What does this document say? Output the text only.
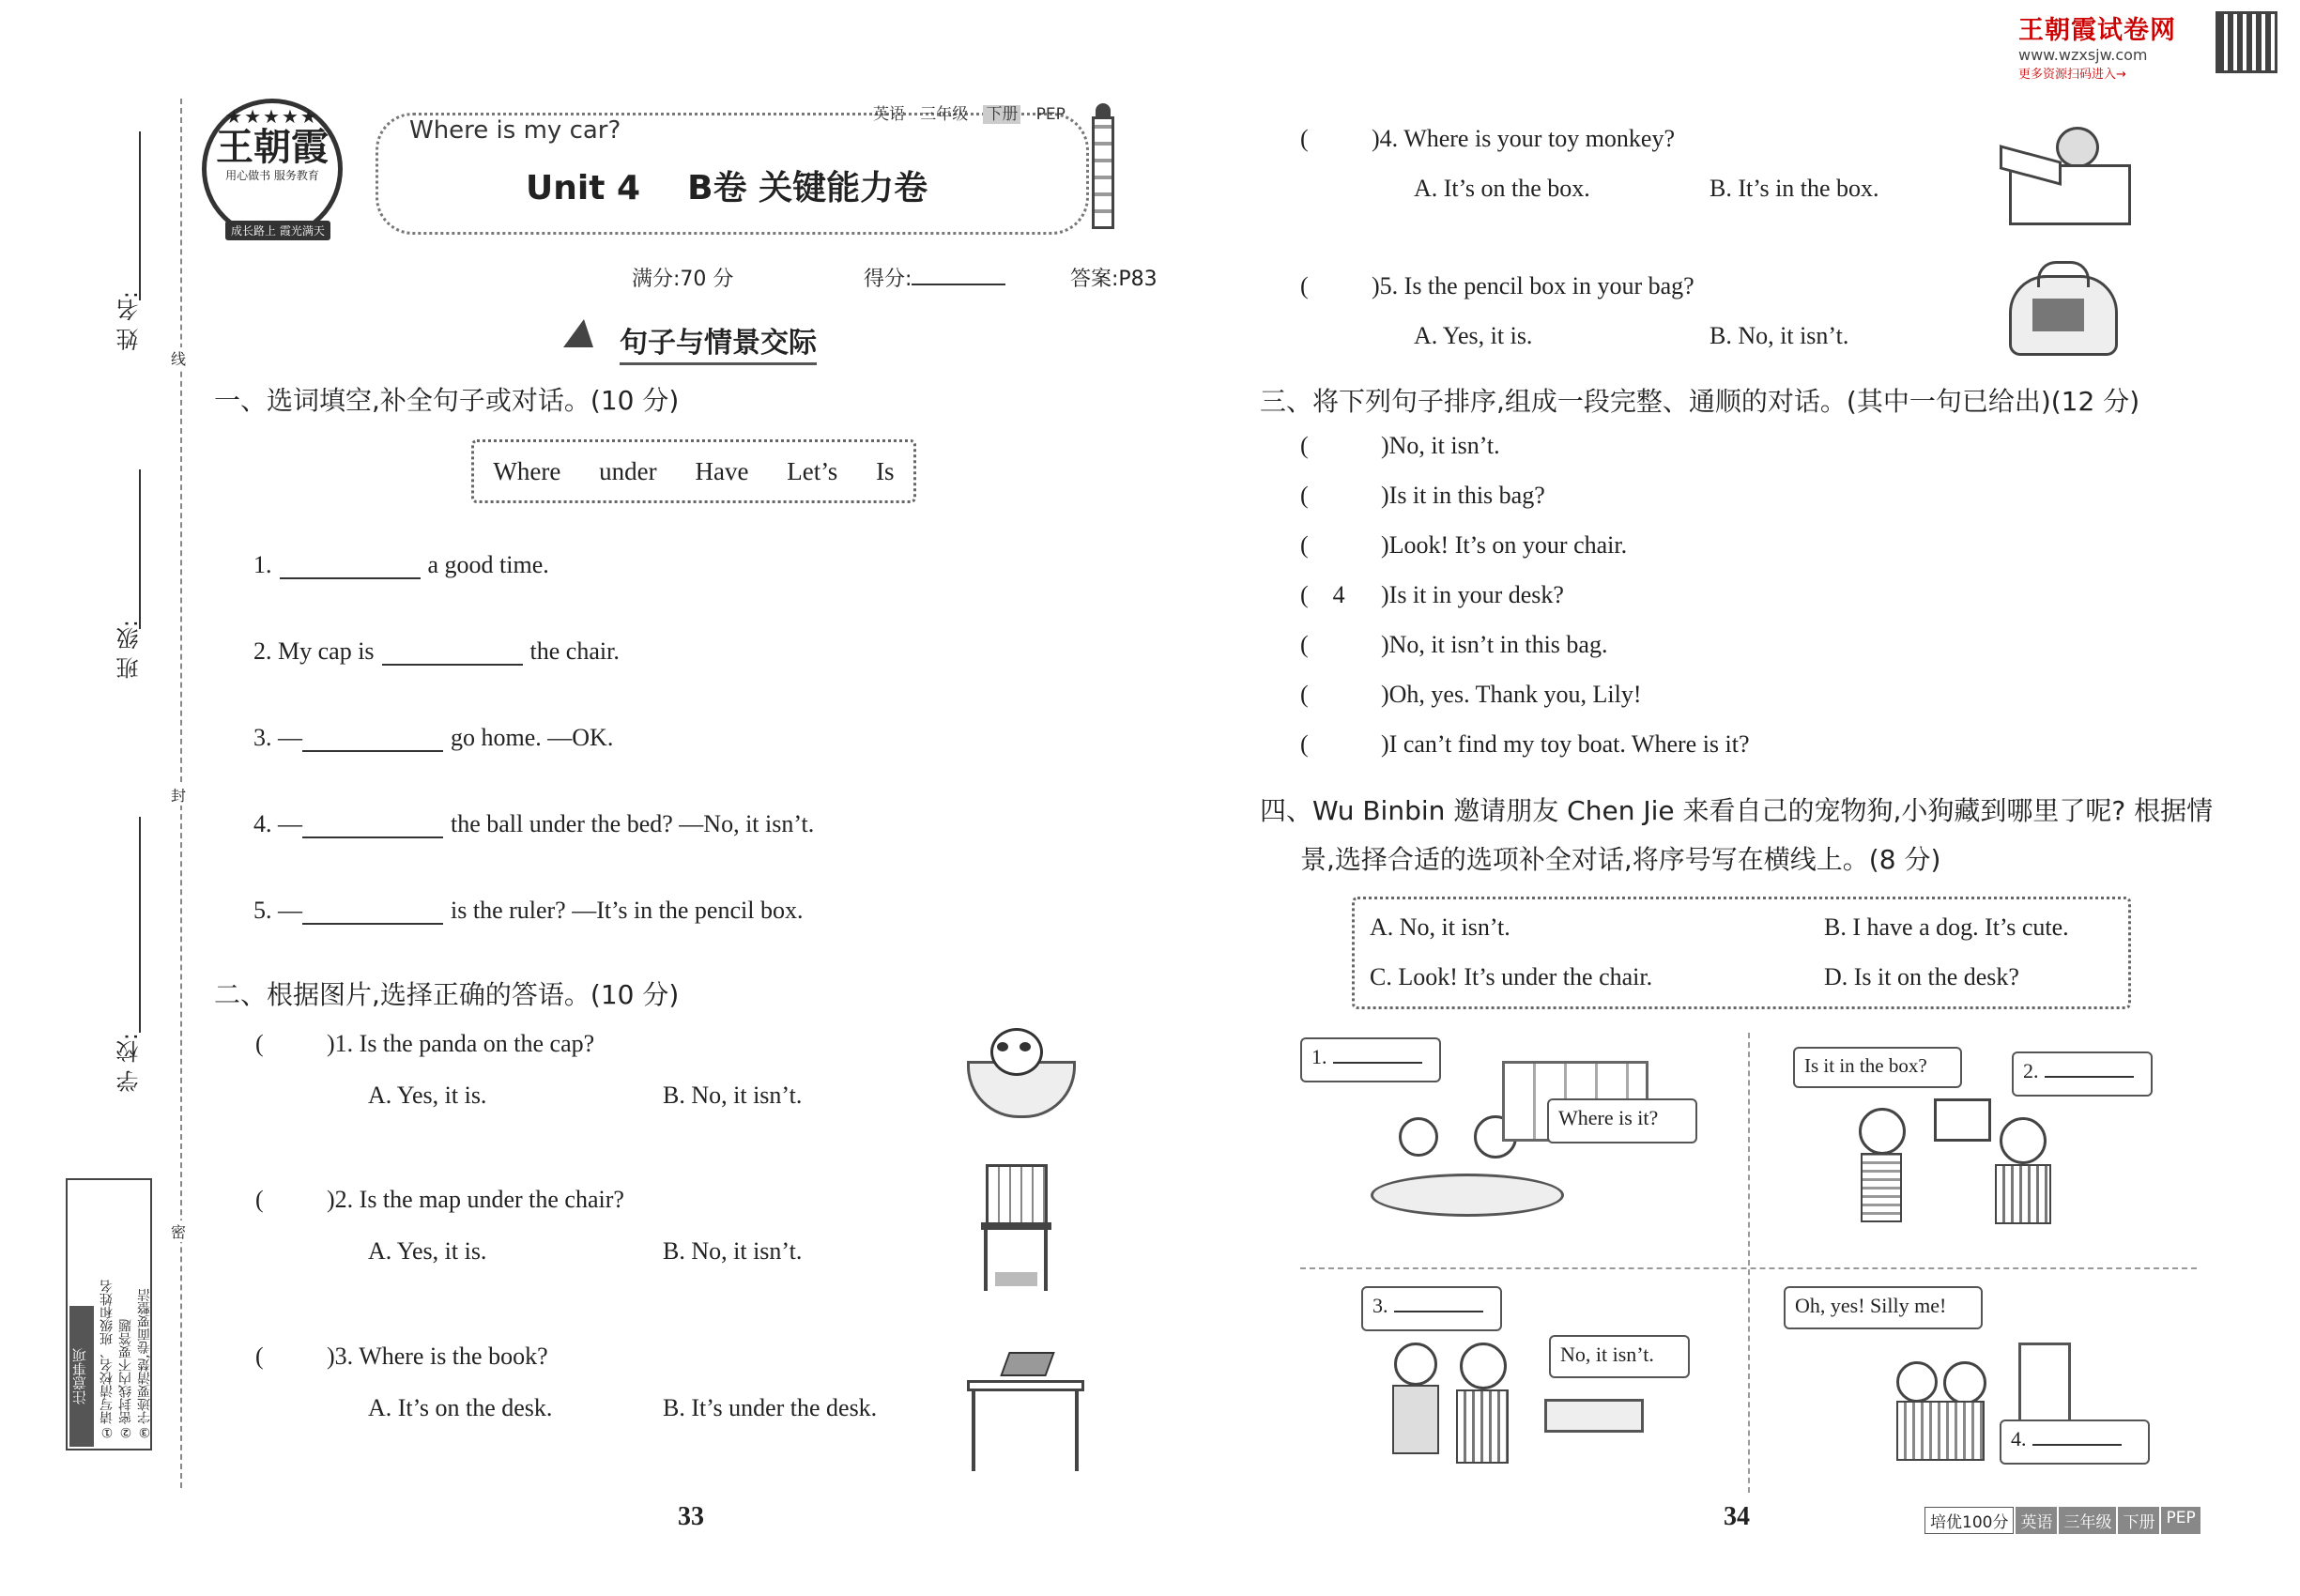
王朝霞试卷网
www.wzxsjw.com
更多资源扫码进入→
线
封
密
姓 名:
班 级:
学 校:
注意事项 ①请写清校名、班级和姓名 ②密封线内不要答题 ③字迹要清楚,卷面要整洁
★★★★★
王朝霞
用心做书 服务教育
成长路上 霞光满天
Where is my car?
英语 三年级 下册 PEP
Unit 4 B卷 关键能力卷
满分:70 分	得分:	答案:P83
句子与情景交际
一、选词填空,补全句子或对话。(10 分)
Where under Have Let’s Is
1.	a good time.
2. My cap is	the chair.
3. —	go home. —OK.
4. —	the ball under the bed? —No, it isn’t.
5. —	is the ruler? —It’s in the pencil box.
二、根据图片,选择正确的答语。(10 分)
(	)1. Is the panda on the cap?
A. Yes, it is.	B. No, it isn’t.
(	)2. Is the map under the chair?
A. Yes, it is.	B. No, it isn’t.
(	)3. Where is the book?
A. It’s on the desk.	B. It’s under the desk.
33	34
(	)4. Where is your toy monkey?
A. It’s on the box.	B. It’s in the box.
(	)5. Is the pencil box in your bag?
A. Yes, it is.	B. No, it isn’t.
三、将下列句子排序,组成一段完整、通顺的对话。(其中一句已给出)(12 分)
(	)No, it isn’t.
(	)Is it in this bag?
(	)Look! It’s on your chair.
(    4 )Is it in your desk?
(	)No, it isn’t in this bag.
(	)Oh, yes. Thank you, Lily!
(	)I can’t find my toy boat. Where is it?
四、Wu Binbin 邀请朋友 Chen Jie 来看自己的宠物狗,小狗藏到哪里了呢? 根据情
景,选择合适的选项补全对话,将序号写在横线上。(8 分)
A. No, it isn’t.	B. I have a dog. It’s cute.
C. Look! It’s under the chair.	D. Is it on the desk?
1.
Where is it?
Is it in the box?	2.
3.
No, it isn’t.
Oh, yes! Silly me!
4.
培优100分 英语 三年级 下册 PEP
